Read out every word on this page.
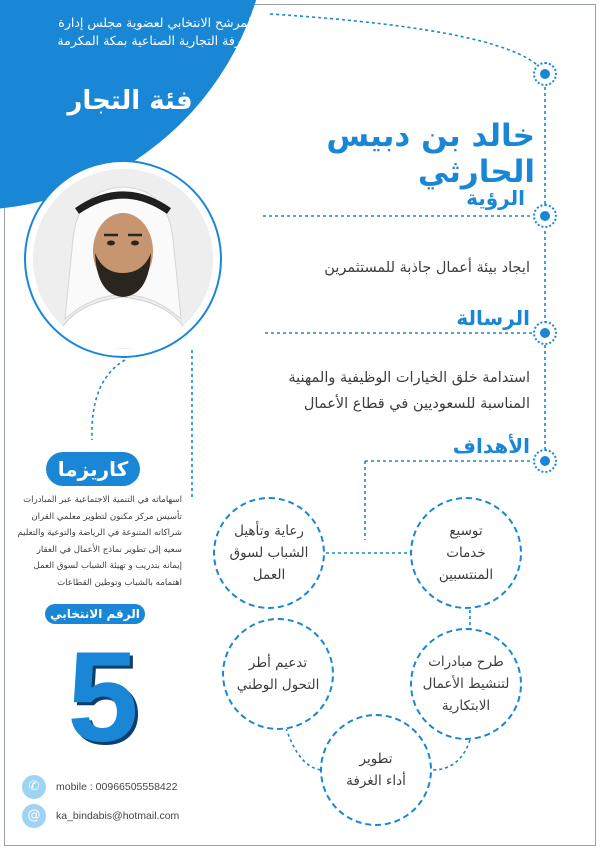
المرشح الانتخابي لعضوية مجلس إدارة
الغرفة التجارية الصناعية بمكة المكرمة
فئة التجار
خالد بن دبيس الحارثي
الرؤية
ايجاد بيئة أعمال جاذبة للمستثمرين
الرسالة
استدامة خلق الخيارات الوظيفية والمهنية
المناسبة للسعوديين في قطاع الأعمال
الأهداف
توسيع
خدمات
المنتسبين
رعاية وتأهيل
الشباب لسوق
العمل
طرح مبادرات
لتنشيط الأعمال
الابتكارية
تدعيم أطر
التحول الوطني
تطوير
أداء الغرفة
كاريزما
اسهاماته في التنمية الاجتماعية عبر المبادرات
تأسيس مركز مكنون لتطوير معلمي القران
شراكاته المتنوعة في الرياضة والتوعية والتعليم
سعيه إلى تطوير نماذج الأعمال في العقار
إيمانه بتدريب و تهيئة الشباب لسوق العمل
اهتمامه بالشباب وتوطين القطاعات
الرقم الانتخابي
5
✆	mobile : 00966505558422
@	ka_bindabis@hotmail.com
